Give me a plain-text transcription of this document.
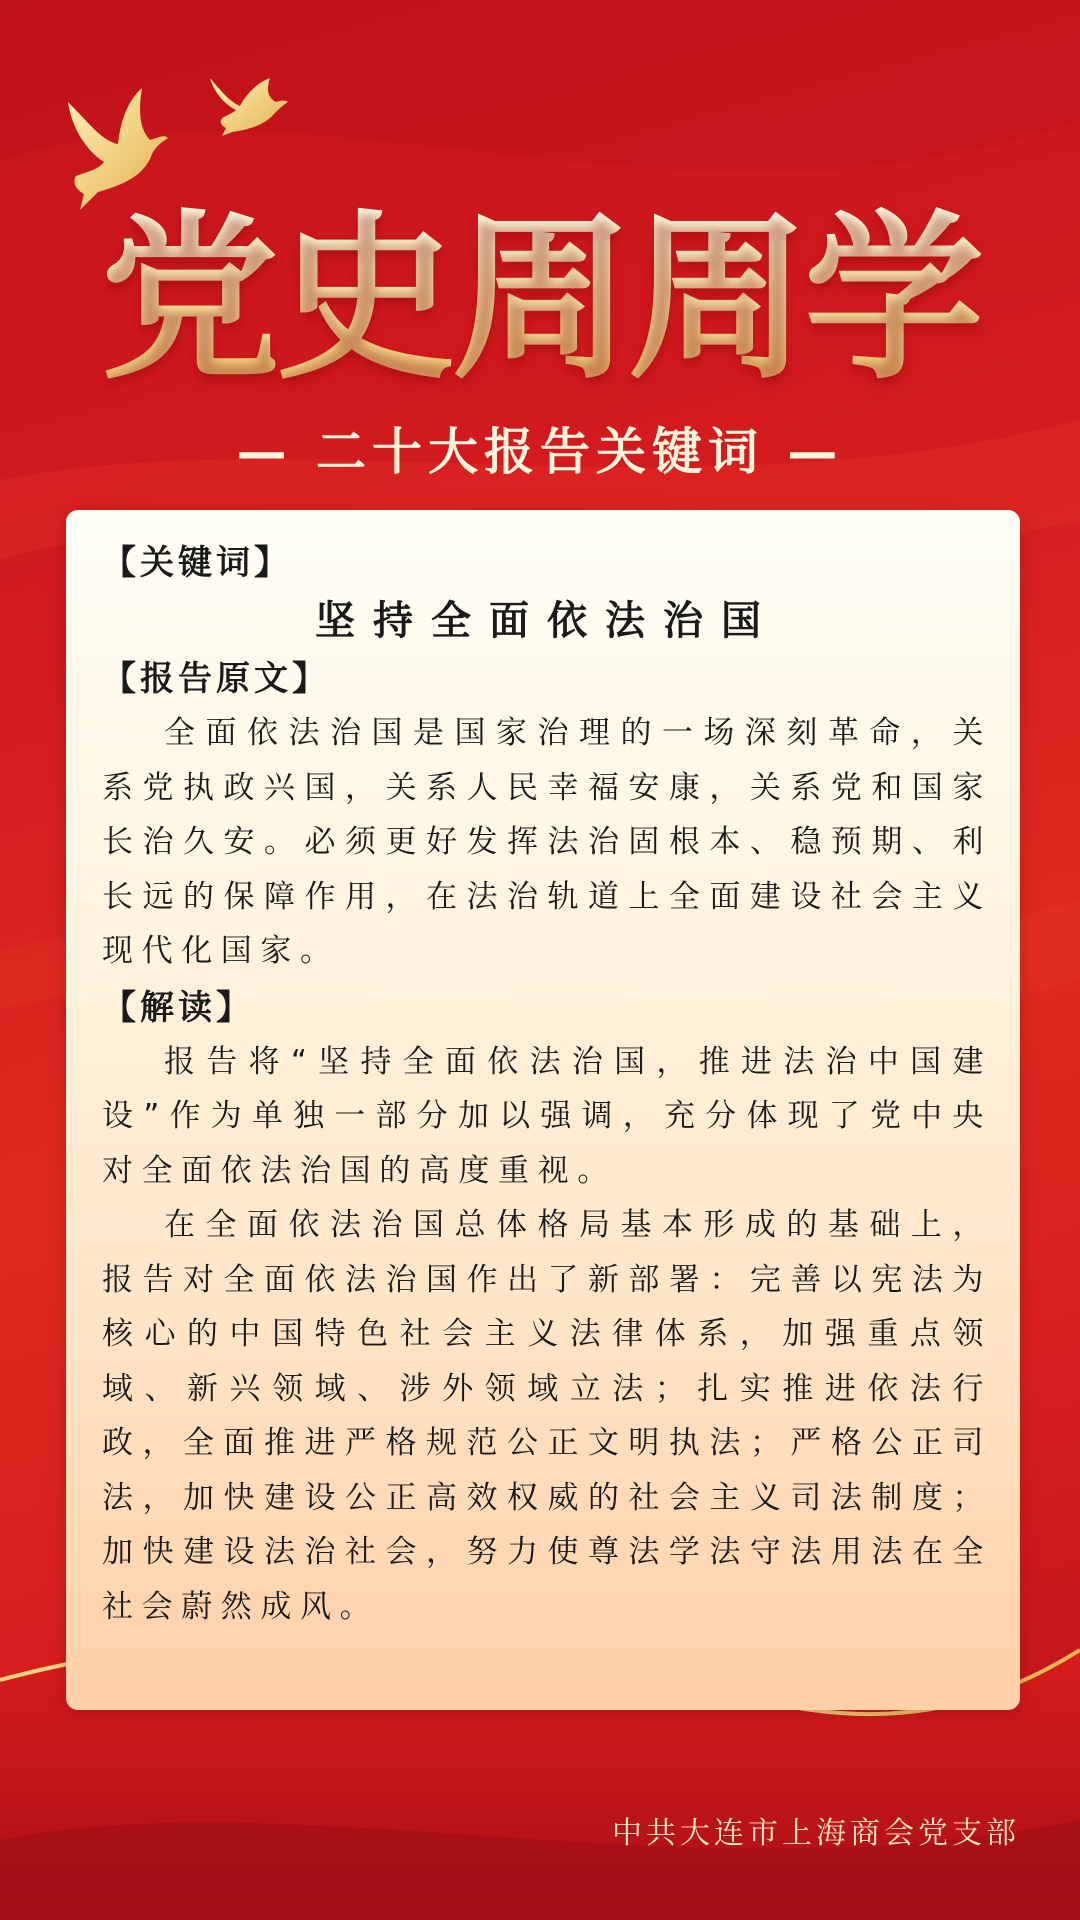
党史周周学
— 二十大报告关键词 —
【关键词】
坚持全面依法治国
【报告原文】

全面依法治国是国家治理的一场深刻革命，关系党执政兴国，关系人民幸福安康，关系党和国家长治久安。必须更好发挥法治固根本、稳预期、利长远的保障作用，在法治轨道上全面建设社会主义现代化国家。

【解读】

报告将“坚持全面依法治国，推进法治中国建设”作为单独一部分加以强调，充分体现了党中央对全面依法治国的高度重视。

在全面依法治国总体格局基本形成的基础上，报告对全面依法治国作出了新部署：完善以宪法为核心的中国特色社会主义法律体系，加强重点领域、新兴领域、涉外领域立法；扎实推进依法行政，全面推进严格规范公正文明执法；严格公正司法，加快建设公正高效权威的社会主义司法制度；加快建设法治社会，努力使尊法学法守法用法在全社会蔚然成风。

中共大连市上海商会党支部
